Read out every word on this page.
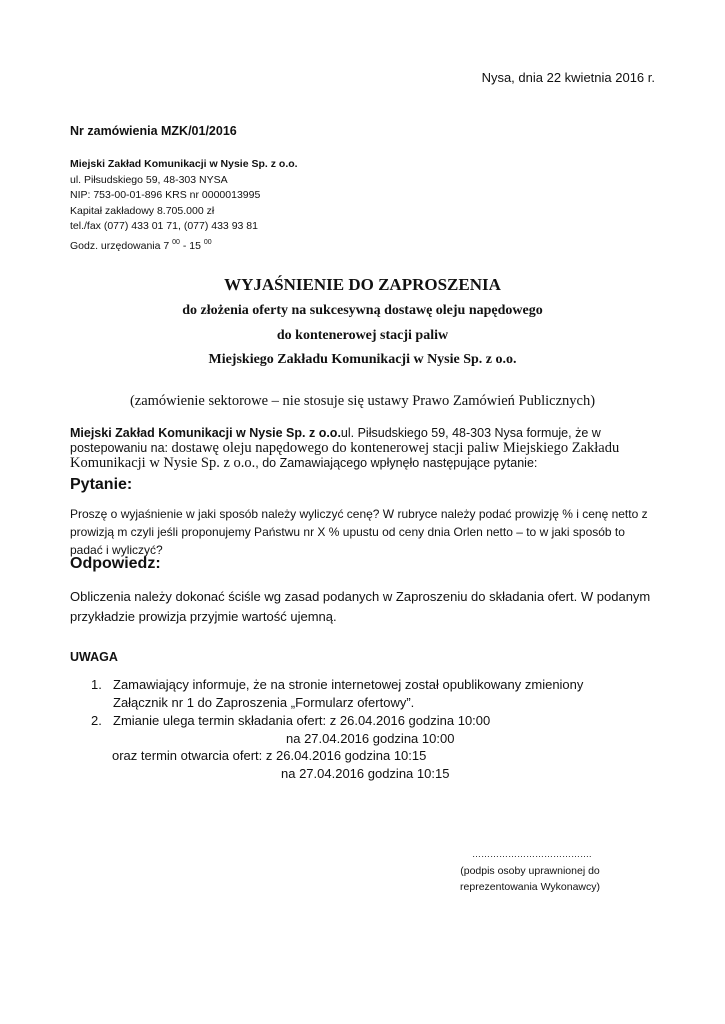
Nysa, dnia 22 kwietnia 2016 r.
Nr zamówienia MZK/01/2016
Miejski Zakład Komunikacji w Nysie Sp. z o.o.
ul. Piłsudskiego 59, 48-303 NYSA
NIP: 753-00-01-896 KRS nr 0000013995
Kapitał zakładowy 8.705.000 zł
tel./fax (077) 433 01 71, (077) 433 93 81
Godz. urzędowania 7 $^{00}$ - 15 $^{00}$
WYJAŚNIENIE DO ZAPROSZENIA
do złożenia oferty na sukcesywną dostawę oleju napędowego
do kontenerowej stacji paliw
Miejskiego Zakładu Komunikacji w Nysie Sp. z o.o.
(zamówienie sektorowe – nie stosuje się ustawy Prawo Zamówień Publicznych)
Miejski Zakład Komunikacji w Nysie Sp. z o.o.ul. Piłsudskiego 59, 48-303 Nysa formuje, że w postepowaniu na: dostawę oleju napędowego do kontenerowej stacji paliw Miejskiego Zakładu Komunikacji w Nysie Sp. z o.o., do Zamawiającego wpłynęło następujące pytanie:
Pytanie:
Proszę o wyjaśnienie w jaki sposób należy wyliczyć cenę? W rubryce należy podać prowizję % i cenę netto z prowizją m czyli jeśli proponujemy Państwu nr X % upustu od ceny dnia Orlen netto – to w jaki sposób to padać i wyliczyć?
Odpowiedz:
Obliczenia należy dokonać ściśle wg zasad podanych w Zaproszeniu do składania ofert. W podanym przykładzie prowizja przyjmie wartość ujemną.
UWAGA
1. Zamawiający informuje, że na stronie internetowej został opublikowany zmieniony
Załącznik nr 1 do Zaproszenia „Formularz ofertowy”.
2. Zmianie ulega termin składania ofert: z 26.04.2016 godzina 10:00
na 27.04.2016 godzina 10:00
oraz termin otwarcia ofert: z 26.04.2016 godzina 10:15
na 27.04.2016 godzina 10:15
………………………………….
(podpis osoby uprawnionej do
reprezentowania Wykonawcy)
